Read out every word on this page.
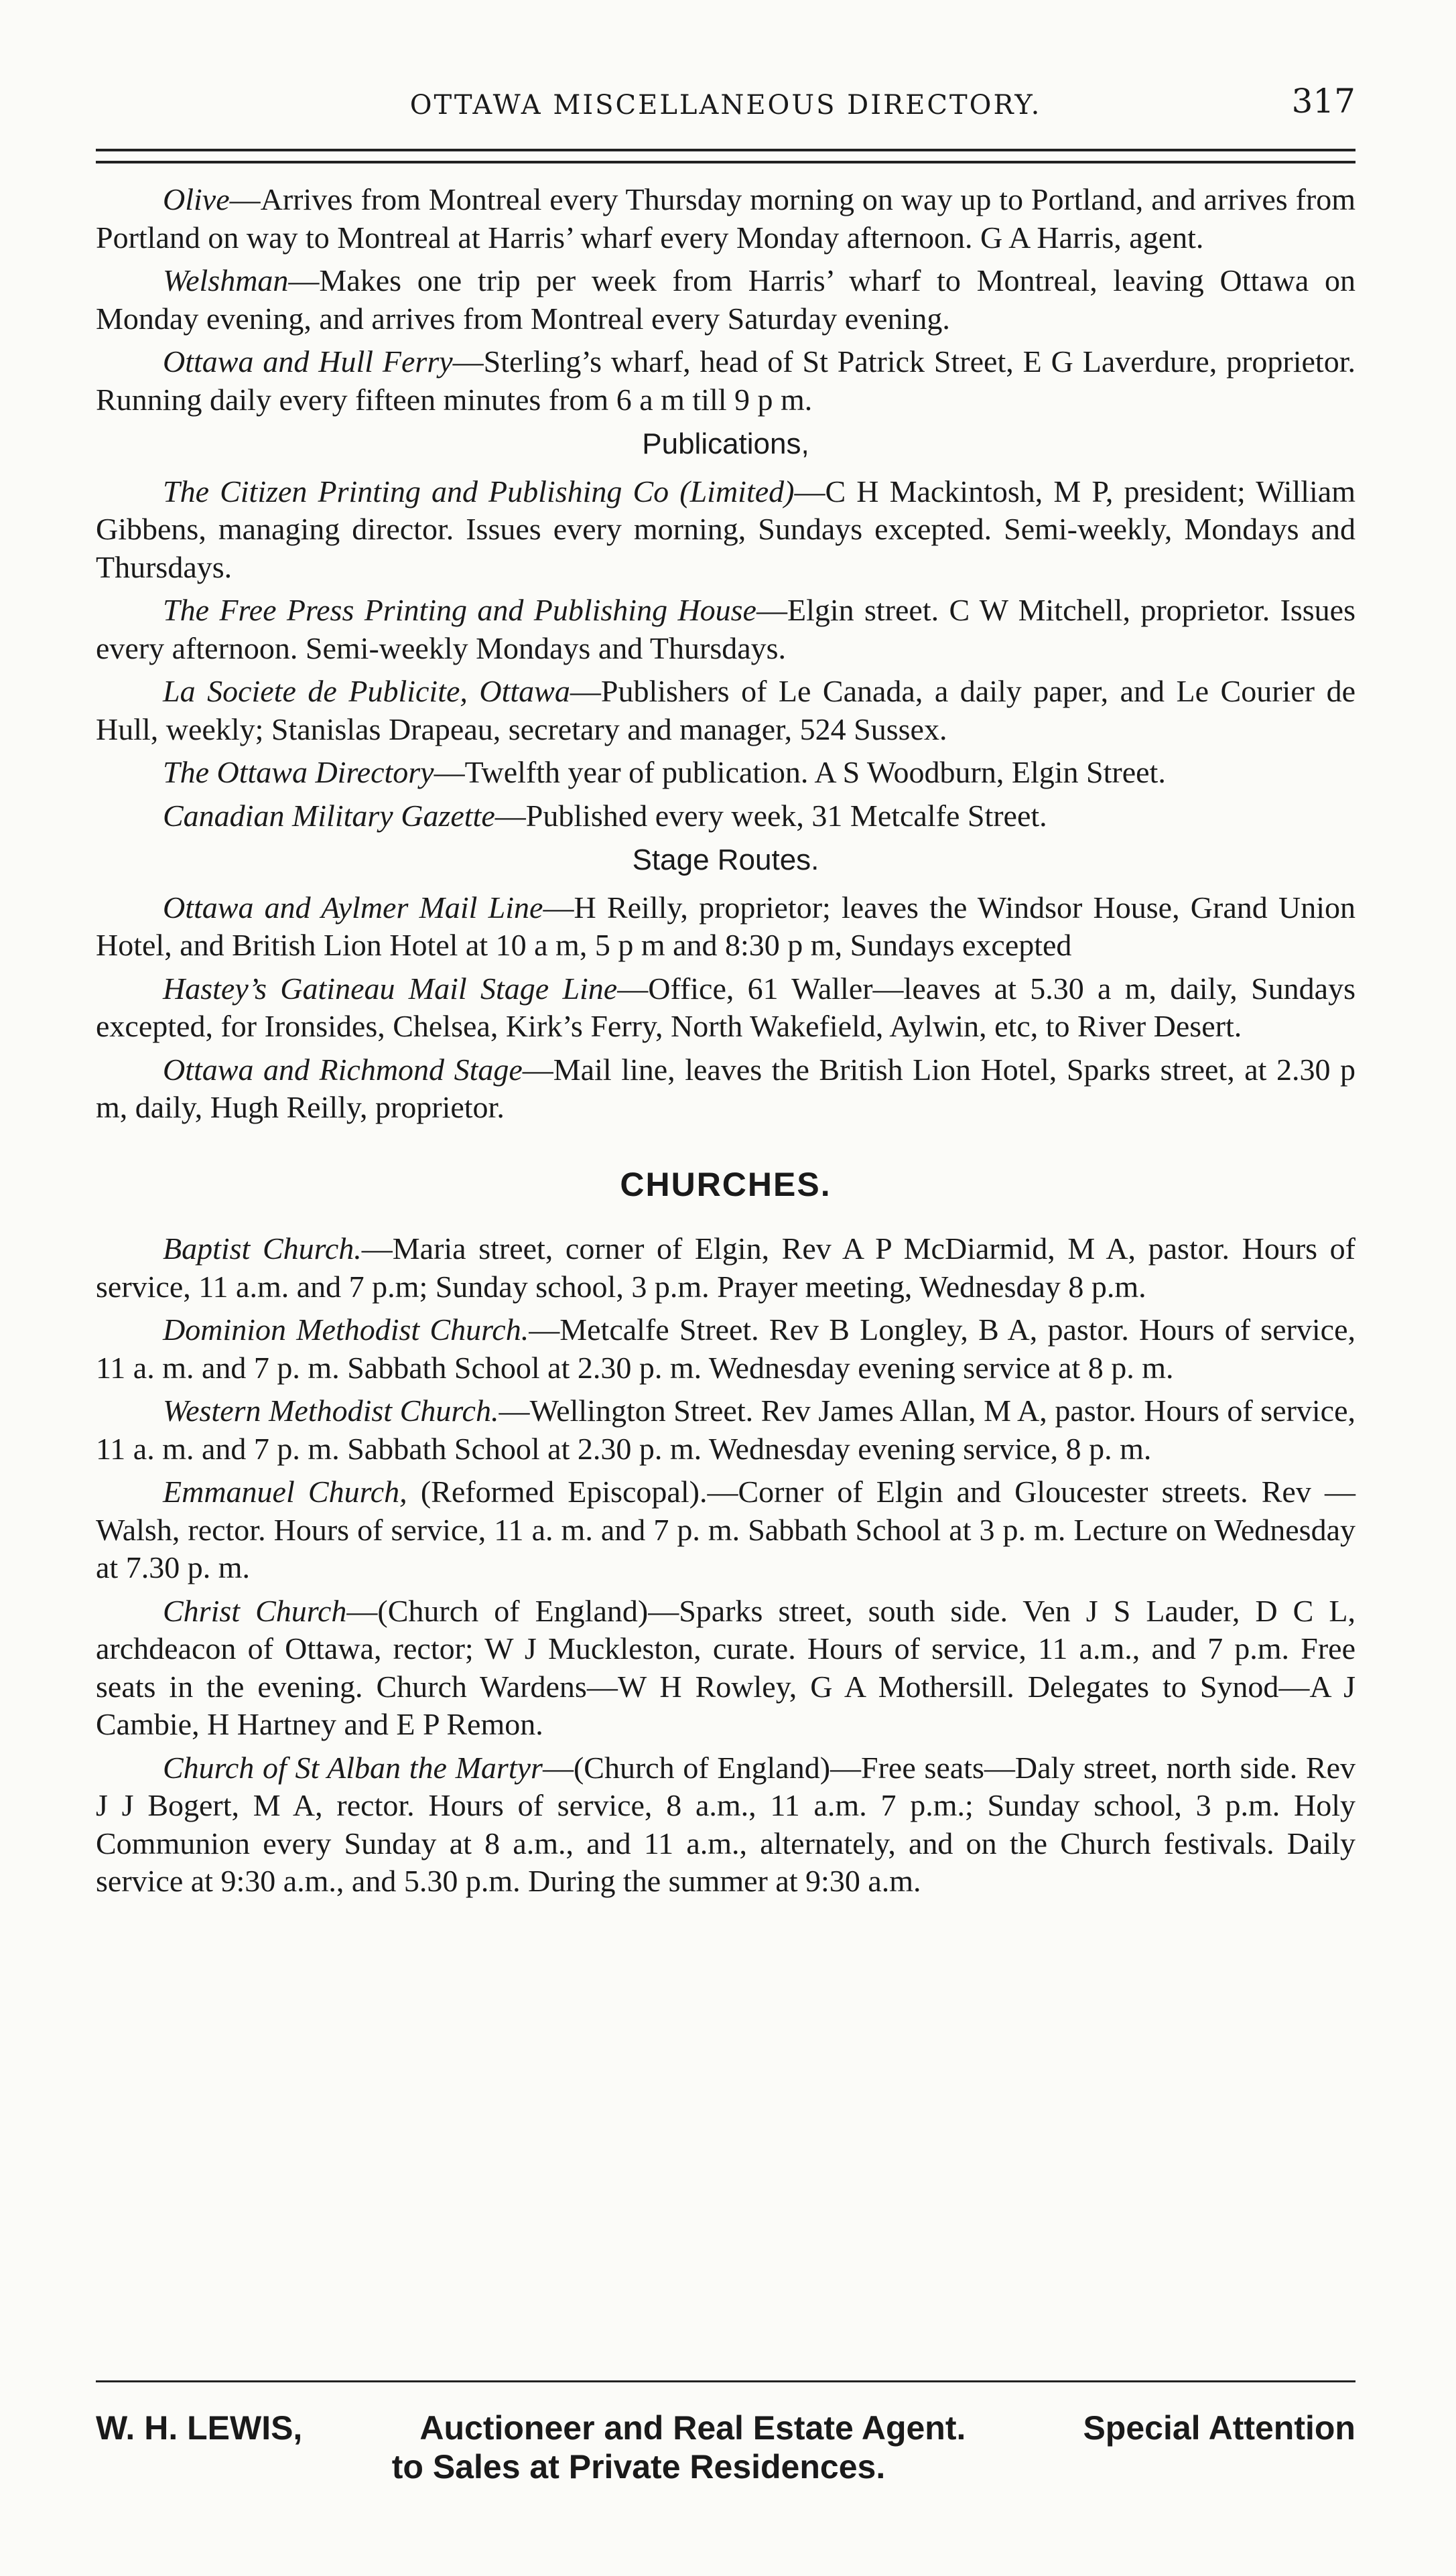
OTTAWA MISCELLANEOUS DIRECTORY.	317

Olive—Arrives from Montreal every Thursday morning on way up to Portland, and arrives from Portland on way to Montreal at Harris’ wharf every Monday afternoon. G A Harris, agent.

Welshman—Makes one trip per week from Harris’ wharf to Montreal, leaving Ottawa on Monday evening, and arrives from Montreal every Saturday evening.

Ottawa and Hull Ferry—Sterling’s wharf, head of St Patrick Street, E G Laverdure, proprietor. Running daily every fifteen minutes from 6 a m till 9 p m.

Publications,

The Citizen Printing and Publishing Co (Limited)—C H Mackintosh, M P, president; William Gibbens, managing director. Issues every morning, Sundays excepted. Semi-weekly, Mondays and Thursdays.

The Free Press Printing and Publishing House—Elgin street. C W Mitchell, proprietor. Issues every afternoon. Semi-weekly Mondays and Thursdays.

La Societe de Publicite, Ottawa—Publishers of Le Canada, a daily paper, and Le Courier de Hull, weekly; Stanislas Drapeau, secretary and manager, 524 Sussex.

The Ottawa Directory—Twelfth year of publication. A S Woodburn, Elgin Street.

Canadian Military Gazette—Published every week, 31 Metcalfe Street.

Stage Routes.

Ottawa and Aylmer Mail Line—H Reilly, proprietor; leaves the Windsor House, Grand Union Hotel, and British Lion Hotel at 10 a m, 5 p m and 8:30 p m, Sundays excepted

Hastey’s Gatineau Mail Stage Line—Office, 61 Waller—leaves at 5.30 a m, daily, Sundays excepted, for Ironsides, Chelsea, Kirk’s Ferry, North Wakefield, Aylwin, etc, to River Desert.

Ottawa and Richmond Stage—Mail line, leaves the British Lion Hotel, Sparks street, at 2.30 p m, daily, Hugh Reilly, proprietor.

CHURCHES.

Baptist Church.—Maria street, corner of Elgin, Rev A P McDiarmid, M A, pastor. Hours of service, 11 a.m. and 7 p.m; Sunday school, 3 p.m. Prayer meeting, Wednesday 8 p.m.

Dominion Methodist Church.—Metcalfe Street. Rev B Longley, B A, pastor. Hours of service, 11 a. m. and 7 p. m. Sabbath School at 2.30 p. m. Wednesday evening service at 8 p. m.

Western Methodist Church.—Wellington Street. Rev James Allan, M A, pastor. Hours of service, 11 a. m. and 7 p. m. Sabbath School at 2.30 p. m. Wednesday evening service, 8 p. m.

Emmanuel Church, (Reformed Episcopal).—Corner of Elgin and Gloucester streets. Rev — Walsh, rector. Hours of service, 11 a. m. and 7 p. m. Sabbath School at 3 p. m. Lecture on Wednesday at 7.30 p. m.

Christ Church—(Church of England)—Sparks street, south side. Ven J S Lauder, D C L, archdeacon of Ottawa, rector; W J Muckleston, curate. Hours of service, 11 a.m., and 7 p.m. Free seats in the evening. Church Wardens—W H Rowley, G A Mothersill. Delegates to Synod—A J Cambie, H Hartney and E P Remon.

Church of St Alban the Martyr—(Church of England)—Free seats—Daly street, north side. Rev J J Bogert, M A, rector. Hours of service, 8 a.m., 11 a.m. 7 p.m.; Sunday school, 3 p.m. Holy Communion every Sunday at 8 a.m., and 11 a.m., alternately, and on the Church festivals. Daily service at 9:30 a.m., and 5.30 p.m. During the summer at 9:30 a.m.

W. H. LEWIS,	Auctioneer and Real Estate Agent.	Special Attention
to Sales at Private Residences.
